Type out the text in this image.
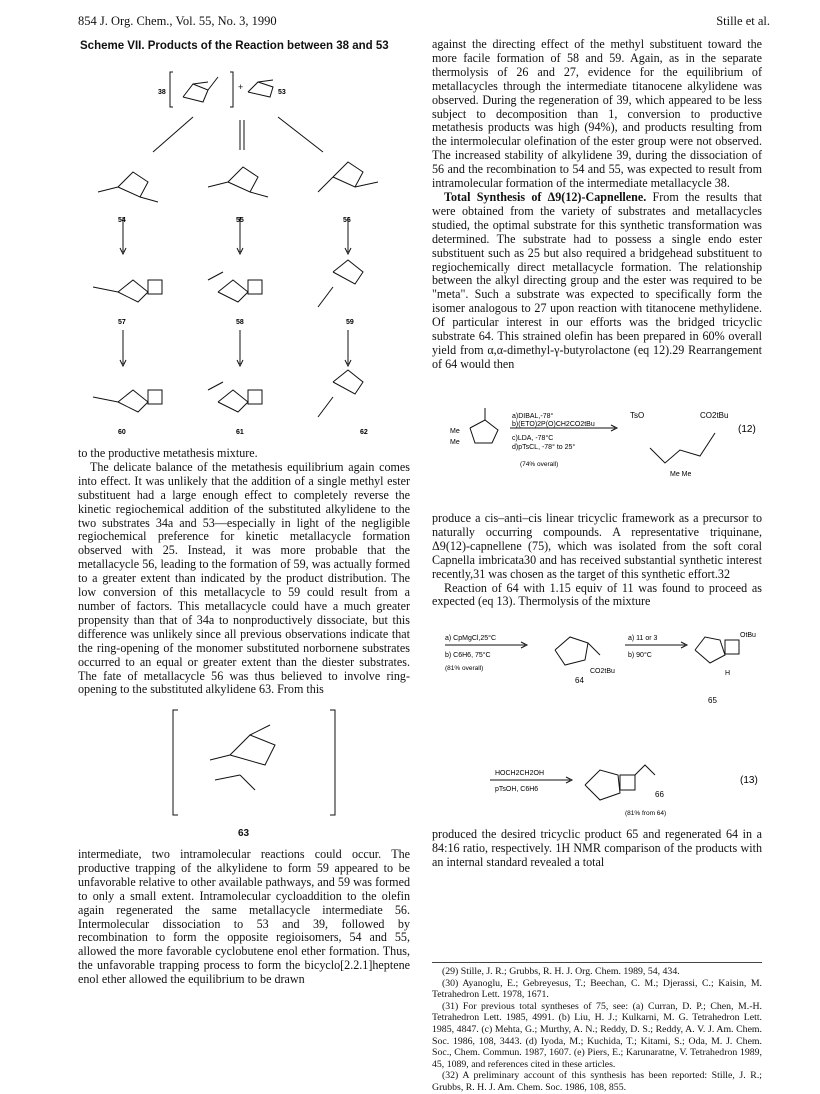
854 J. Org. Chem., Vol. 55, No. 3, 1990	Stille et al.
Scheme VII. Products of the Reaction between 38 and 53
+
38	53
54	55	56
57	58	59
60	61	62

to the productive metathesis mixture.

The delicate balance of the metathesis equilibrium again comes into effect. It was unlikely that the addition of a single methyl ester substituent had a large enough effect to completely reverse the kinetic regiochemical addition of the substituted alkylidene to the two substrates 34a and 53—especially in light of the negligible regiochemical preference for kinetic metallacycle formation observed with 25. Instead, it was more probable that the metallacycle 56, leading to the formation of 59, was actually formed to a greater extent than indicated by the product distribution. The low conversion of this metallacycle to 59 could result from a number of factors. This metallacycle could have a much greater propensity than that of 34a to nonproductively dissociate, but this difference was unlikely since all previous observations indicate that the ring-opening of the monomer substituted norbornene substrates occurred to an equal or greater extent than the diester substrates. The fate of metallacycle 56 was thus believed to involve ring-opening to the substituted alkylidene 63. From this

63

intermediate, two intramolecular reactions could occur. The productive trapping of the alkylidene to form 59 appeared to be unfavorable relative to other available pathways, and 59 was formed to only a small extent. Intramolecular cycloaddition to the olefin again regenerated the same metallacycle intermediate 56. Intermolecular dissociation to 53 and 39, followed by recombination to form the opposite regioisomers, 54 and 55, allowed the more favorable cyclobutene enol ether formation. Thus, the unfavorable trapping process to form the bicyclo[2.2.1]heptene enol ether allowed the equilibrium to be drawn

against the directing effect of the methyl substituent toward the more facile formation of 58 and 59. Again, as in the separate thermolysis of 26 and 27, evidence for the equilibrium of metallacycles through the intermediate titanocene alkylidene was observed. During the regeneration of 39, which appeared to be less subject to decomposition than 1, conversion to productive metathesis products was high (94%), and products resulting from the intermolecular olefination of the ester group were not observed. The increased stability of alkylidene 39, during the dissociation of 56 and the recombination to 54 and 55, was expected to result from intramolecular formation of the intermediate metallacycle 38.

Total Synthesis of Δ9(12)-Capnellene. From the results that were obtained from the variety of substrates and metallacycles studied, the optimal substrate for this synthetic transformation was determined. The substrate had to possess a single endo ester substituent such as 25 but also required a bridgehead substituent to regiochemically direct metallacycle formation. The relationship between the alkyl directing group and the ester was required to be "meta". Such a substrate was expected to specifically form the isomer analogous to 27 upon reaction with titanocene methylidene. Of particular interest in our efforts was the bridged tricyclic substrate 64. This strained olefin has been prepared in 60% overall yield from α,α-dimethyl-γ-butyrolactone (eq 12).29 Rearrangement of 64 would then

a)DIBAL,-78°
b)(ETO)2P(O)CH2CO2tBu
c)LDA, -78°C
d)pTsCL, -78° to 25°
(74% overall)
Me
Me
TsO	CO2tBu
Me Me
(12)

produce a cis–anti–cis linear tricyclic framework as a precursor to naturally occurring compounds. A representative triquinane, Δ9(12)-capnellene (75), which was isolated from the soft coral Capnella imbricata30 and has received substantial synthetic interest recently,31 was chosen as the target of this synthetic effort.32

Reaction of 64 with 1.15 equiv of 11 was found to proceed as expected (eq 13). Thermolysis of the mixture

a) CpMgCl,25°C
b) C6H6, 75°C
(81% overall)
a) 11 or 3
b) 90°C
64
CO2tBu
OtBu
65
H
HOCH2CH2OH
pTsOH, C6H6
66
(81% from 64)
(13)

produced the desired tricyclic product 65 and regenerated 64 in a 84:16 ratio, respectively. 1H NMR comparison of the products with an internal standard revealed a total

(29) Stille, J. R.; Grubbs, R. H. J. Org. Chem. 1989, 54, 434.

(30) Ayanoglu, E.; Gebreyesus, T.; Beechan, C. M.; Djerassi, C.; Kaisin, M. Tetrahedron Lett. 1978, 1671.

(31) For previous total syntheses of 75, see: (a) Curran, D. P.; Chen, M.-H. Tetrahedron Lett. 1985, 4991. (b) Liu, H. J.; Kulkarni, M. G. Tetrahedron Lett. 1985, 4847. (c) Mehta, G.; Murthy, A. N.; Reddy, D. S.; Reddy, A. V. J. Am. Chem. Soc. 1986, 108, 3443. (d) Iyoda, M.; Kuchida, T.; Kitami, S.; Oda, M. J. Chem. Soc., Chem. Commun. 1987, 1607. (e) Piers, E.; Karunaratne, V. Tetrahedron 1989, 45, 1089, and references cited in these articles.

(32) A preliminary account of this synthesis has been reported: Stille, J. R.; Grubbs, R. H. J. Am. Chem. Soc. 1986, 108, 855.
